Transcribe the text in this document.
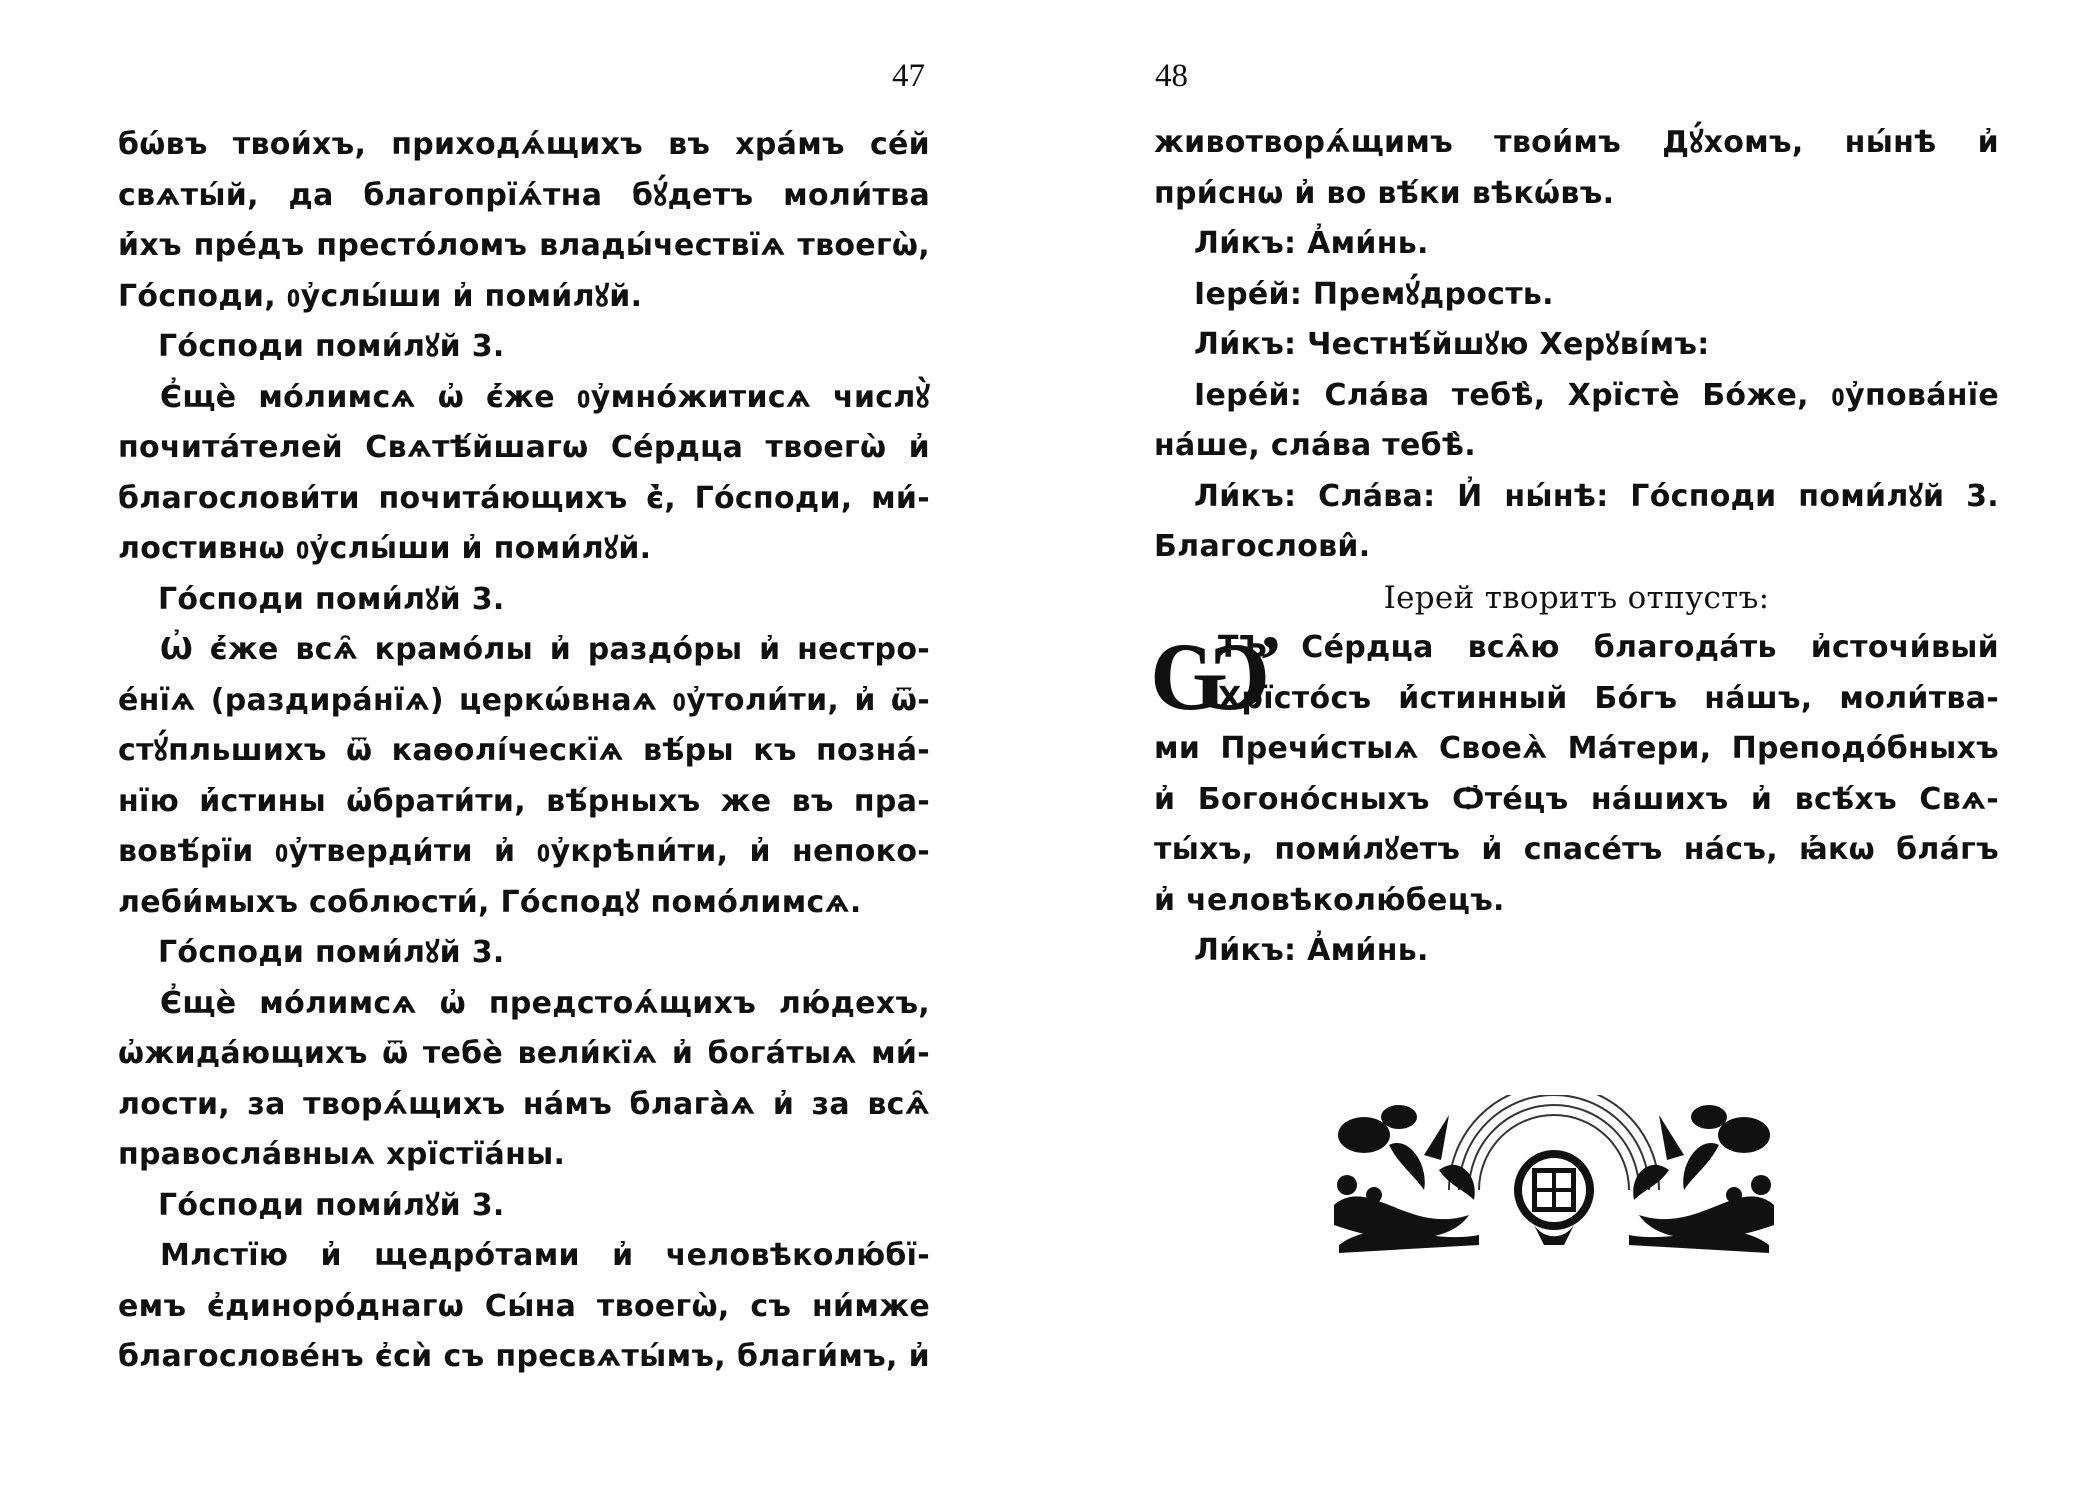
47
бѡ́въ твои́хъ, приходѧ́щихъ въ хра́мъ се́й
свѧты́й, да благопрїѧ́тна бꙋ́детъ моли́тва
и҆́хъ пре́дъ престо́ломъ влады́чествїѧ твоегѡ̀,
Го́споди, ᲂу҆слы́ши и҆ поми́лꙋй.
Го́споди поми́лꙋй 3.
Є҆щѐ мо́лимсѧ ѡ҆ є҆́же ᲂу҆мно́житисѧ числꙋ̀
почита́телей Свѧтѣ́йшагѡ Се́рдца твоегѡ̀ и҆
благослови́ти почита́ющихъ є҆̀, Го́споди, ми́-
лостивнѡ ᲂу҆слы́ши и҆ поми́лꙋй.
Го́споди поми́лꙋй 3.
Ѡ҆ є҆́же всѧ̑ крамо́лы и҆ раздо́ры и҆ нестро-
е́нїѧ (раздира́нїѧ) церкѡ́внаѧ ᲂу҆толи́ти, и҆ ѿ-
стꙋ́пльшихъ ѿ каѳолі́ческїѧ вѣ́ры къ позна́-
нїю и҆́стины ѡ҆брати́ти, вѣ́рныхъ же въ пра-
вовѣ́рїи ᲂу҆тверди́ти и҆ ᲂу҆крѣпи́ти, и҆ непоко-
леби́мыхъ соблюсти́, Го́сподꙋ помо́лимсѧ.
Го́споди поми́лꙋй 3.
Є҆щѐ мо́лимсѧ ѡ҆ предстоѧ́щихъ лю́дехъ,
ѡ҆жида́ющихъ ѿ тебѐ вели́кїѧ и҆ бога́тыѧ ми́-
лости, за творѧ́щихъ на́мъ блага̀ѧ и҆ за всѧ̑
правосла́вныѧ хрїстїа́ны.
Го́споди поми́лꙋй 3.
Млстїю и҆ щедро́тами и҆ человѣколю́бї-
емъ є҆диноро́днагѡ Сы́на твоегѡ̀, съ ни́мже
благослове́нъ є҆сѝ съ пресвѧты́мъ, благи́мъ, и҆
48
животворѧ́щимъ твои́мъ Дꙋ́хомъ, ны́нѣ и҆
при́снѡ и҆ во вѣ́ки вѣкѡ́въ.
Ли́къ: А҆ми́нь.
Іере́й: Премꙋ́дрость.
Ли́къ: Честнѣ́йшꙋю Херꙋві́мъ:
Іере́й: Сла́ва тебѣ̀, Хрїстѐ Бо́же, ᲂу҆пова́нїе
на́ше, сла́ва тебѣ̀.
Ли́къ: Сла́ва: И҆ ны́нѣ: Го́споди поми́лꙋй 3.
Благослови̂.
Iерей творитъ отпустъ:
Ѡ҆
ТЪ Се́рдца всѧ̑ю благода́ть и҆сточи́вый
Хрїсто́съ и҆́стинный Бо́гъ на́шъ, моли́тва-
ми Пречи́стыѧ Своеѧ̀ Ма́тери, Преподо́бныхъ
и҆ Богоно́сныхъ Ѻ҆те́цъ на́шихъ и҆ всѣ́хъ Свѧ-
ты́хъ, поми́лꙋетъ и҆ спасе́тъ на́съ, ꙗ҆́кѡ бла́гъ
и҆ человѣколю́бецъ.
Ли́къ: А҆ми́нь.
